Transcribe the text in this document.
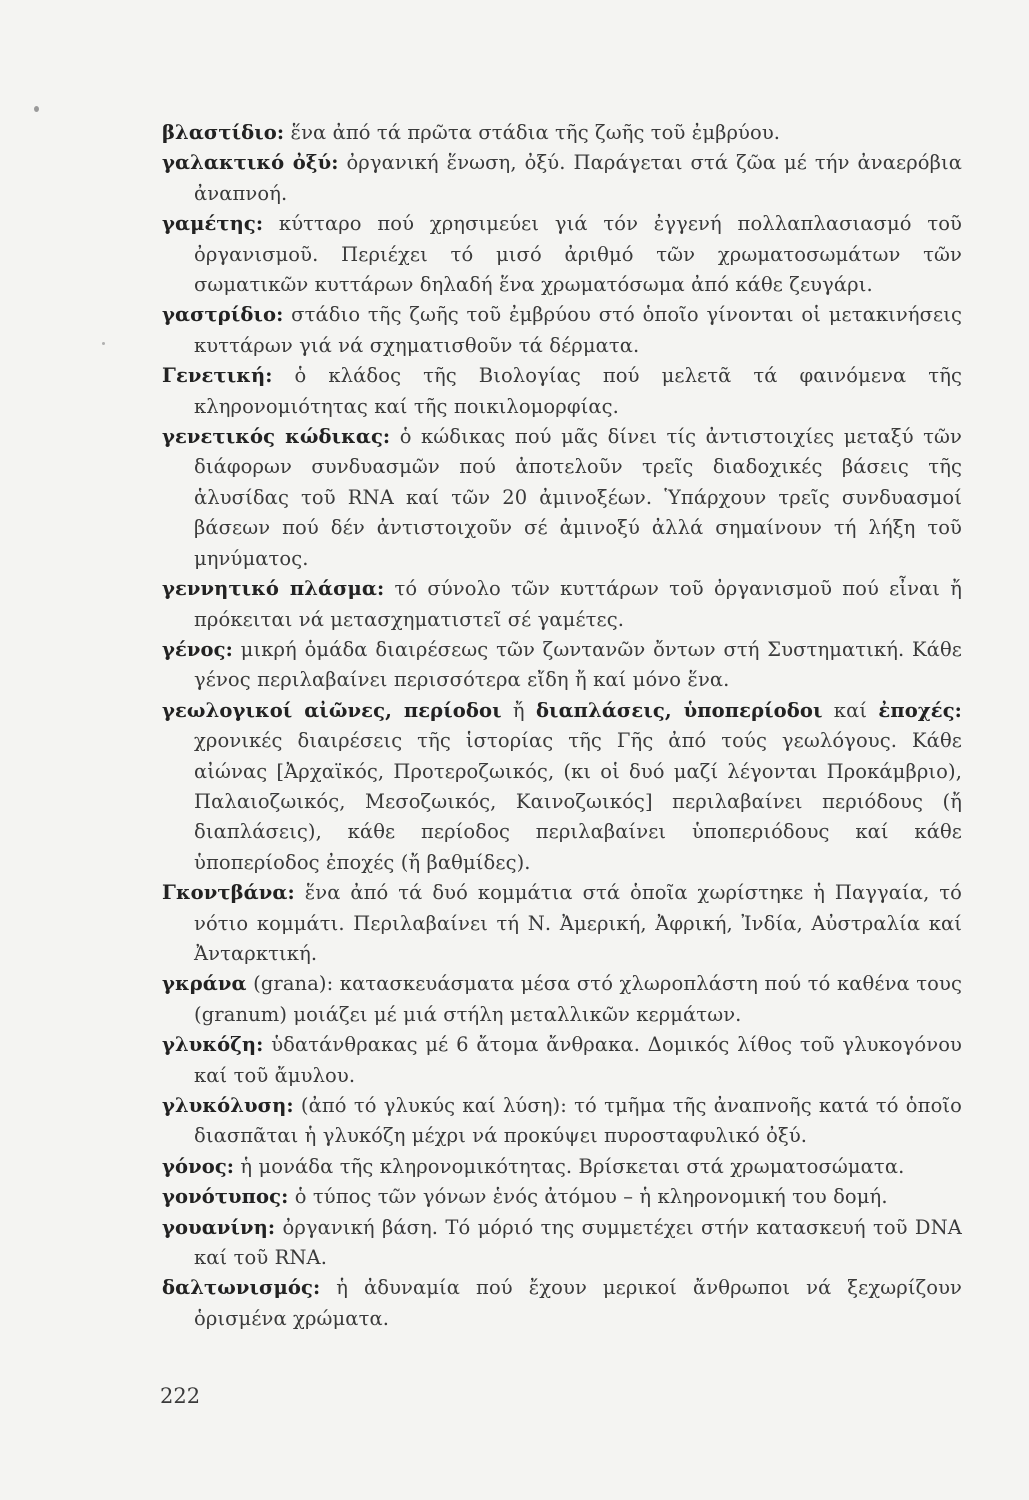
βλαστίδιο: ἕνα ἀπό τά πρῶτα στάδια τῆς ζωῆς τοῦ ἐμβρύου.

γαλακτικό ὀξύ: ὀργανική ἕνωση, ὀξύ. Παράγεται στά ζῶα μέ τήν ἀναερόβια ἀναπνοή.

γαμέτης: κύτταρο πού χρησιμεύει γιά τόν ἐγγενή πολλαπλασιασμό τοῦ ὀργανισμοῦ. Περιέχει τό μισό ἀριθμό τῶν χρωματοσωμάτων τῶν σωματικῶν κυττάρων δηλαδή ἕνα χρωματόσωμα ἀπό κάθε ζευγάρι.

γαστρίδιο: στάδιο τῆς ζωῆς τοῦ ἐμβρύου στό ὁποῖο γίνονται οἱ μετακινήσεις κυττάρων γιά νά σχηματισθοῦν τά δέρματα.

Γενετική: ὁ κλάδος τῆς Βιολογίας πού μελετᾶ τά φαινόμενα τῆς κληρονομιότητας καί τῆς ποικιλομορφίας.

γενετικός κώδικας: ὁ κώδικας πού μᾶς δίνει τίς ἀντιστοιχίες μεταξύ τῶν διάφορων συνδυασμῶν πού ἀποτελοῦν τρεῖς διαδοχικές βάσεις τῆς ἁλυσίδας τοῦ RNA καί τῶν 20 ἀμινοξέων. Ὑπάρχουν τρεῖς συνδυασμοί βάσεων πού δέν ἀντιστοιχοῦν σέ ἀμινοξύ ἀλλά σημαίνουν τή λήξη τοῦ μηνύματος.

γεννητικό πλάσμα: τό σύνολο τῶν κυττάρων τοῦ ὀργανισμοῦ πού εἶναι ἤ πρόκειται νά μετασχηματιστεῖ σέ γαμέτες.

γένος: μικρή ὁμάδα διαιρέσεως τῶν ζωντανῶν ὄντων στή Συστηματική. Κάθε γένος περιλαβαίνει περισσότερα εἴδη ἤ καί μόνο ἕνα.

γεωλογικοί αἰῶνες, περίοδοι ἤ διαπλάσεις, ὑποπερίοδοι καί ἐποχές: χρονικές διαιρέσεις τῆς ἱστορίας τῆς Γῆς ἀπό τούς γεωλόγους. Κάθε αἰώνας [Ἀρχαϊκός, Προτεροζωικός, (κι οἱ δυό μαζί λέγονται Προκάμβριο), Παλαιοζωικός, Μεσοζωικός, Καινοζωικός] περιλαβαίνει περιόδους (ἤ διαπλάσεις), κάθε περίοδος περιλαβαίνει ὑποπεριόδους καί κάθε ὑποπερίοδος ἐποχές (ἤ βαθμίδες).

Γκοντβάνα: ἕνα ἀπό τά δυό κομμάτια στά ὁποῖα χωρίστηκε ἡ Παγγαία, τό νότιο κομμάτι. Περιλαβαίνει τή Ν. Ἀμερική, Ἀφρική, Ἰνδία, Αὐστραλία καί Ἀνταρκτική.

γκράνα (grana): κατασκευάσματα μέσα στό χλωροπλάστη πού τό καθένα τους (granum) μοιάζει μέ μιά στήλη μεταλλικῶν κερμάτων.

γλυκόζη: ὑδατάνθρακας μέ 6 ἄτομα ἄνθρακα. Δομικός λίθος τοῦ γλυκογόνου καί τοῦ ἄμυλου.

γλυκόλυση: (ἀπό τό γλυκύς καί λύση): τό τμῆμα τῆς ἀναπνοῆς κατά τό ὁποῖο διασπᾶται ἡ γλυκόζη μέχρι νά προκύψει πυροσταφυλικό ὀξύ.

γόνος: ἡ μονάδα τῆς κληρονομικότητας. Βρίσκεται στά χρωματοσώματα.

γονότυπος: ὁ τύπος τῶν γόνων ἑνός ἀτόμου – ἡ κληρονομική του δομή.

γουανίνη: ὀργανική βάση. Τό μόριό της συμμετέχει στήν κατασκευή τοῦ DNA καί τοῦ RNA.

δαλτωνισμός: ἡ ἀδυναμία πού ἔχουν μερικοί ἄνθρωποι νά ξεχωρίζουν ὁρισμένα χρώματα.

222
